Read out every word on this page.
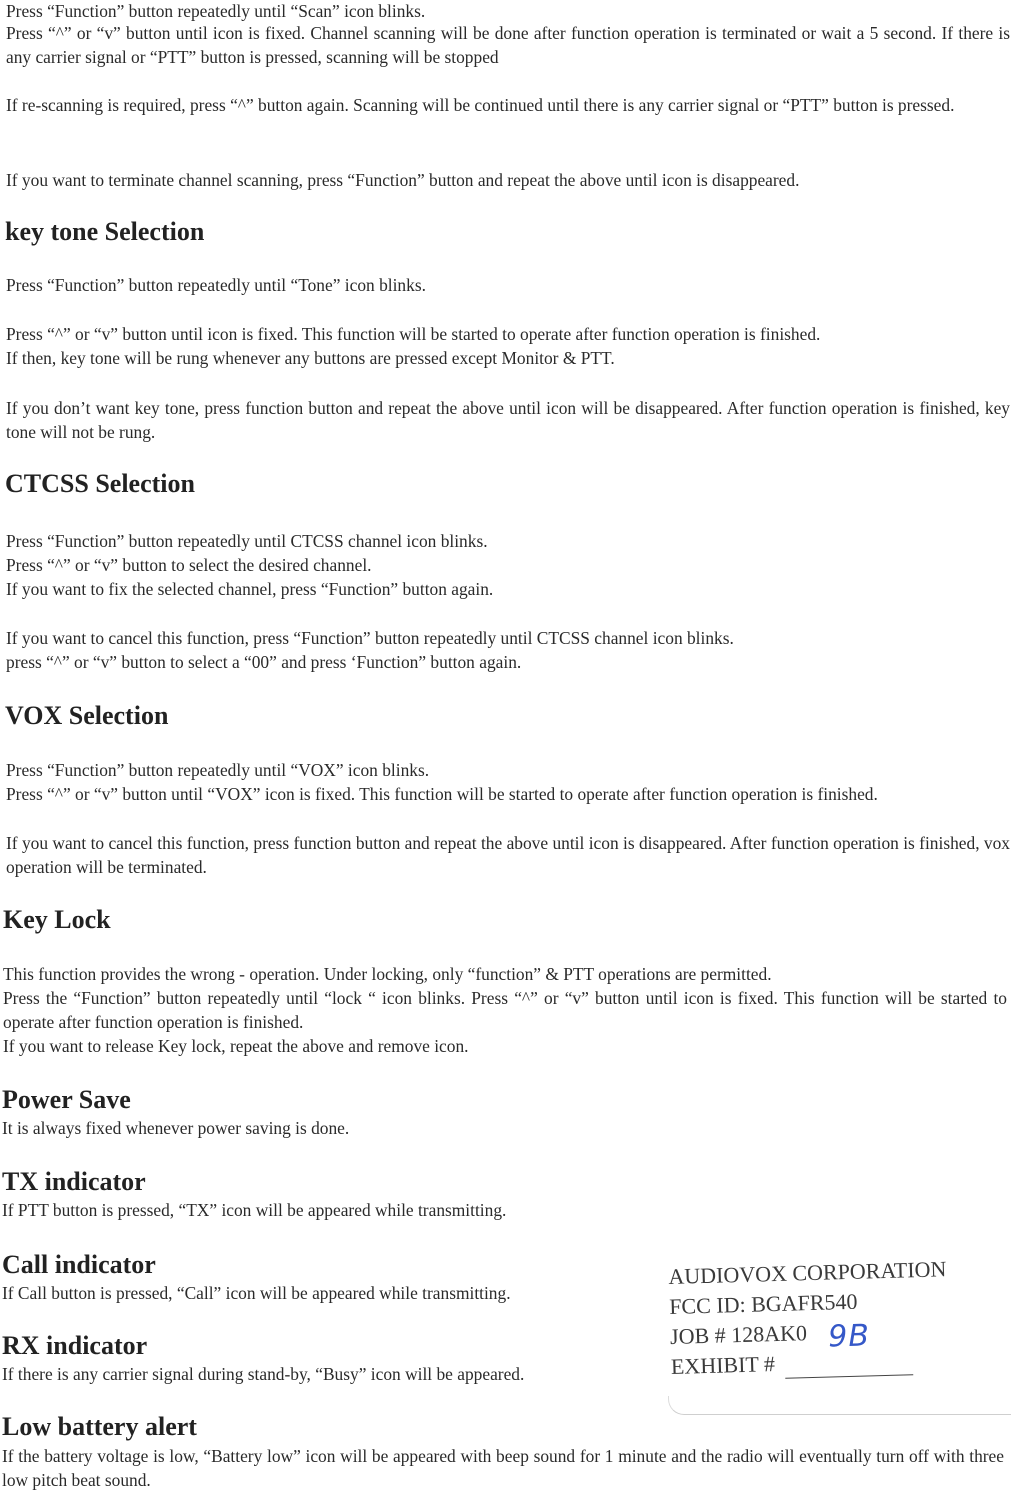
Press “Function” button repeatedly until “Scan” icon blinks.

Press “^” or “v” button until icon is fixed. Channel scanning will be done after function operation is terminated or wait a 5 second. If there is any carrier signal or “PTT” button is pressed, scanning will be stopped

If re-scanning is required, press “^” button again. Scanning will be continued until there is any carrier signal or “PTT” button is pressed.

If you want to terminate channel scanning, press “Function” button and repeat the above until icon is disappeared.

key tone Selection

Press “Function” button repeatedly until “Tone” icon blinks.

Press “^” or “v” button until icon is fixed. This function will be started to operate after function operation is finished.

If then, key tone will be rung whenever any buttons are pressed except Monitor & PTT.

If you don’t want key tone, press function button and repeat the above until icon will be disappeared. After function operation is finished, key tone will not be rung.

CTCSS Selection

Press “Function” button repeatedly until CTCSS channel icon blinks.

Press “^” or “v” button to select the desired channel.

If you want to fix the selected channel, press “Function” button again.

If you want to cancel this function, press “Function” button repeatedly until CTCSS channel icon blinks.

press “^” or “v” button to select a “00” and press ‘Function” button again.

VOX Selection

Press “Function” button repeatedly until “VOX” icon blinks.

Press “^” or “v” button until “VOX” icon is fixed. This function will be started to operate after function operation is finished.

If you want to cancel this function, press function button and repeat the above until icon is disappeared. After function operation is finished, vox operation will be terminated.

Key Lock

This function provides the wrong - operation. Under locking, only “function” & PTT operations are permitted.

Press the “Function” button repeatedly until “lock “ icon blinks. Press “^” or “v” button until icon is fixed. This function will be started to operate after function operation is finished.

If you want to release Key lock, repeat the above and remove icon.

Power Save

It is always fixed whenever power saving is done.

TX indicator

If PTT button is pressed, “TX” icon will be appeared while transmitting.

Call indicator

If Call button is pressed, “Call” icon will be appeared while transmitting.

RX indicator

If there is any carrier signal during stand-by, “Busy” icon will be appeared.

Low battery alert

If the battery voltage is low, “Battery low” icon will be appeared with beep sound for 1 minute and the radio will eventually turn off with three low pitch beat sound.

AUDIOVOX CORPORATION
FCC ID: BGAFR540
JOB # 128AK0
EXHIBIT #
9B
